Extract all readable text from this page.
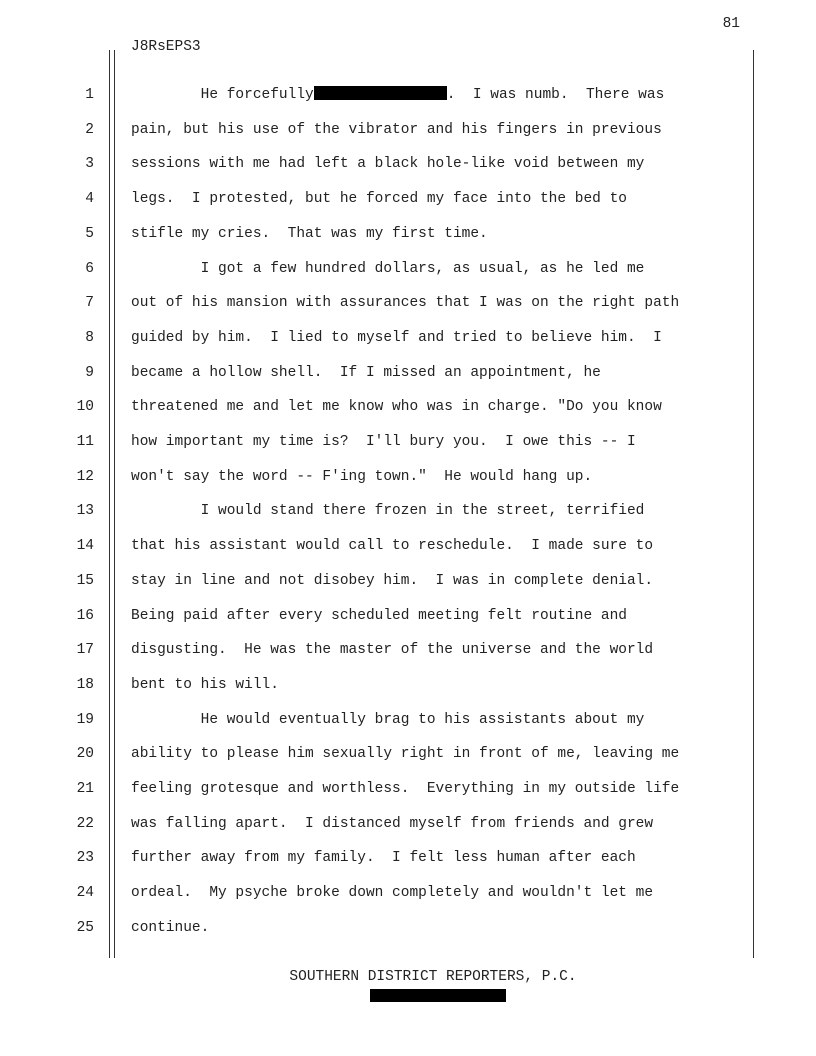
81
J8RsEPS3
1
2
3
4
5
6
7
8
9
10
11
12
13
14
15
16
17
18
19
20
21
22
23
24
25
He forcefully	.  I was numb.  There was
pain, but his use of the vibrator and his fingers in previous
sessions with me had left a black hole-like void between my
legs.  I protested, but he forced my face into the bed to
stifle my cries.  That was my first time.
I got a few hundred dollars, as usual, as he led me
out of his mansion with assurances that I was on the right path
guided by him.  I lied to myself and tried to believe him.  I
became a hollow shell.  If I missed an appointment, he
threatened me and let me know who was in charge. "Do you know
how important my time is?  I'll bury you.  I owe this -- I
won't say the word -- F'ing town."  He would hang up.
I would stand there frozen in the street, terrified
that his assistant would call to reschedule.  I made sure to
stay in line and not disobey him.  I was in complete denial.
Being paid after every scheduled meeting felt routine and
disgusting.  He was the master of the universe and the world
bent to his will.
He would eventually brag to his assistants about my
ability to please him sexually right in front of me, leaving me
feeling grotesque and worthless.  Everything in my outside life
was falling apart.  I distanced myself from friends and grew
further away from my family.  I felt less human after each
ordeal.  My psyche broke down completely and wouldn't let me
continue.
SOUTHERN DISTRICT REPORTERS, P.C.
